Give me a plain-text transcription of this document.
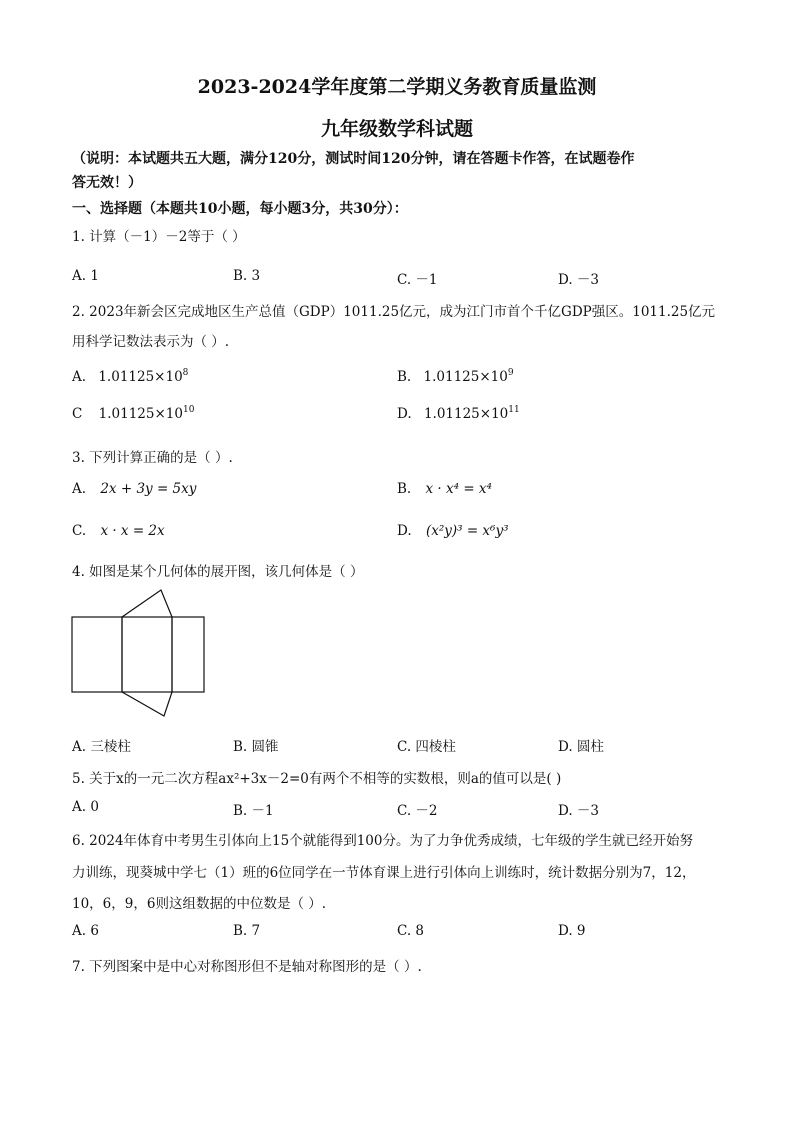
2023-2024学年度第二学期义务教育质量监测
九年级数学科试题
（说明：本试题共五大题，满分120分，测试时间120分钟，请在答题卡作答，在试题卷作
答无效！）
一、选择题（本题共10小题，每小题3分，共30分）：
1. 计算（－1）－2等于（ ）
A. 1	B. 3	C. －1	D. －3
2. 2023年新会区完成地区生产总值（GDP）1011.25亿元，成为江门市首个千亿GDP强区。1011.25亿元
用科学记数法表示为（ ）.
A. $1.01125\times 10^8$	B. $1.01125\times 10^9$
C $1.01125\times 10^{10}$	D. $1.01125\times 10^{11}$
3. 下列计算正确的是（ ）.
A. 2x + 3y = 5xy	B. x · x⁴ = x⁴
C. x · x = 2x	D. (x²y)³ = x⁶y³
4. 如图是某个几何体的展开图，该几何体是（ ）
A. 三棱柱	B. 圆锥	C. 四棱柱	D. 圆柱
5. 关于x的一元二次方程ax²+3x－2=0有两个不相等的实数根，则a的值可以是( )
A. 0	B. －1	C. －2	D. －3
6. 2024年体育中考男生引体向上15个就能得到100分。为了力争优秀成绩，七年级的学生就已经开始努
力训练，现葵城中学七（1）班的6位同学在一节体育课上进行引体向上训练时，统计数据分别为7，12，
10，6，9，6则这组数据的中位数是（ ）.
A. 6	B. 7	C. 8	D. 9
7. 下列图案中是中心对称图形但不是轴对称图形的是（ ）.
